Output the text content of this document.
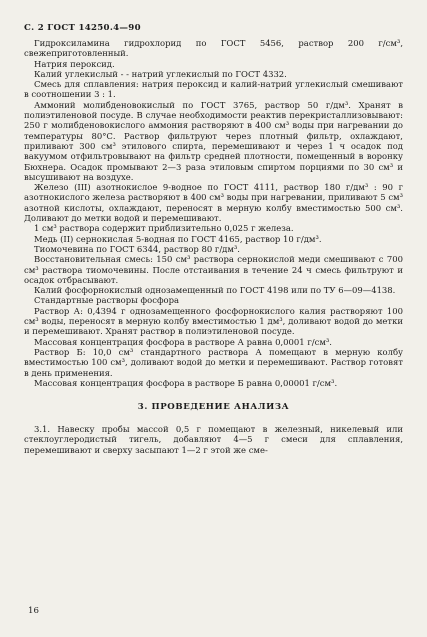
С. 2 ГОСТ 14250.4—90

Гидроксиламина гидрохлорид по ГОСТ 5456, раствор 200 г/см³, свежеприготовленный.

Натрия пероксид.

Калий углекислый - - натрий углекислый по ГОСТ 4332.

Смесь для сплавления: натрия пероксид и калий-натрий углекислый смешивают в соотношении 3 : 1.

Аммоний молибденовокислый по ГОСТ 3765, раствор 50 г/дм³. Хранят в полиэтиленовой посуде. В случае необходимости реактив перекристаллизовывают: 250 г молибденовокислого аммония растворяют в 400 см³ воды при нагревании до температуры 80°С. Раствор фильтруют через плотный фильтр, охлаждают, приливают 300 см³ этилового спирта, перемешивают и через 1 ч осадок под вакуумом отфильтровывают на фильтр средней плотности, помещенный в воронку Бюхнера. Осадок промывают 2—3 раза этиловым спиртом порциями по 30 см³ и высушивают на воздухе.

Железо (III) азотнокислое 9-водное по ГОСТ 4111, раствор 180 г/дм³ : 90 г азотнокислого железа растворяют в 400 см³ воды при нагревании, приливают 5 см³ азотной кислоты, охлаждают, переносят в мерную колбу вместимостью 500 см³. Доливают до метки водой и перемешивают.

1 см³ раствора содержит приблизительно 0,025 г железа.

Медь (II) сернокислая 5-водная по ГОСТ 4165, раствор 10 г/дм³.

Тиомочевина по ГОСТ 6344, раствор 80 г/дм³.

Восстановительная смесь: 150 см³ раствора сернокислой меди смешивают с 700 см³ раствора тиомочевины. После отстаивания в течение 24 ч смесь фильтруют и осадок отбрасывают.

Калий фосфорнокислый однозамещенный по ГОСТ 4198 или по ТУ 6—09—4138.

Стандартные растворы фосфора

Раствор А: 0,4394 г однозамещенного фосфорнокислого калия растворяют 100 см³ воды, переносят в мерную колбу вместимостью 1 дм³, доливают водой до метки и перемешивают. Хранят раствор в полиэтиленовой посуде.

Массовая концентрация фосфора в растворе А равна 0,0001 г/см³.

Раствор Б: 10,0 см³ стандартного раствора А помещают в мерную колбу вместимостью 100 см³, доливают водой до метки и перемешивают. Раствор готовят в день применения.

Массовая концентрация фосфора в растворе Б равна 0,00001 г/см³.

3. ПРОВЕДЕНИЕ АНАЛИЗА

3.1. Навеску пробы массой 0,5 г помещают в железный, никелевый или стеклоуглеродистый тигель, добавляют 4—5 г смеси для сплавления, перемешивают и сверху засыпают 1—2 г этой же сме-

16
